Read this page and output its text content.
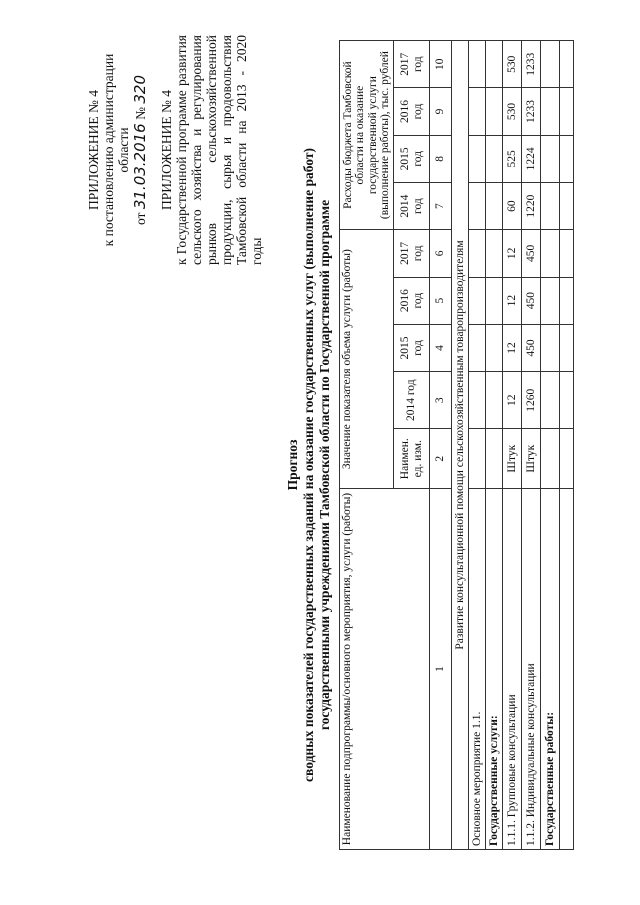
ПРИЛОЖЕНИЕ № 4 к постановлению администрации области
от 31.03.2016 № 320
ПРИЛОЖЕНИЕ № 4 к Государственной программе развития сельского хозяйства и регулирования рынков сельскохозяйственной продукции, сырья и продовольствия Тамбовской области на 2013 - 2020 годы
Прогноз сводных показателей государственных заданий на оказание государственных услуг (выполнение работ) государственными учреждениями Тамбовской области по Государственной программе Наименование подпрограммы/основного мероприятия, услуги (работы)	Значение показателя объема услуги (работы)					Расходы бюджета Тамбовской области на оказание государственной услуги (выполнение работы), тыс. рублей			
	Наимен. ед. изм.	2014 год	2015 год	2016 год	2017 год	2014 год	2015 год	2016 год	2017 год
1	2	3	4	5	6	7	8	9	10
Развитие консультационной помощи сельскохозяйственным товаропроизводителям									
Основное мероприятие 1.1.									
Государственные услуги:									
1.1.1. Групповые консультации	Штук	12	12	12	12	60	525	530	530
1.1.2. Индивидуальные консультации	Штук	1260	450	450	450	1220	1224	1233	1233
Государственные работы:									
